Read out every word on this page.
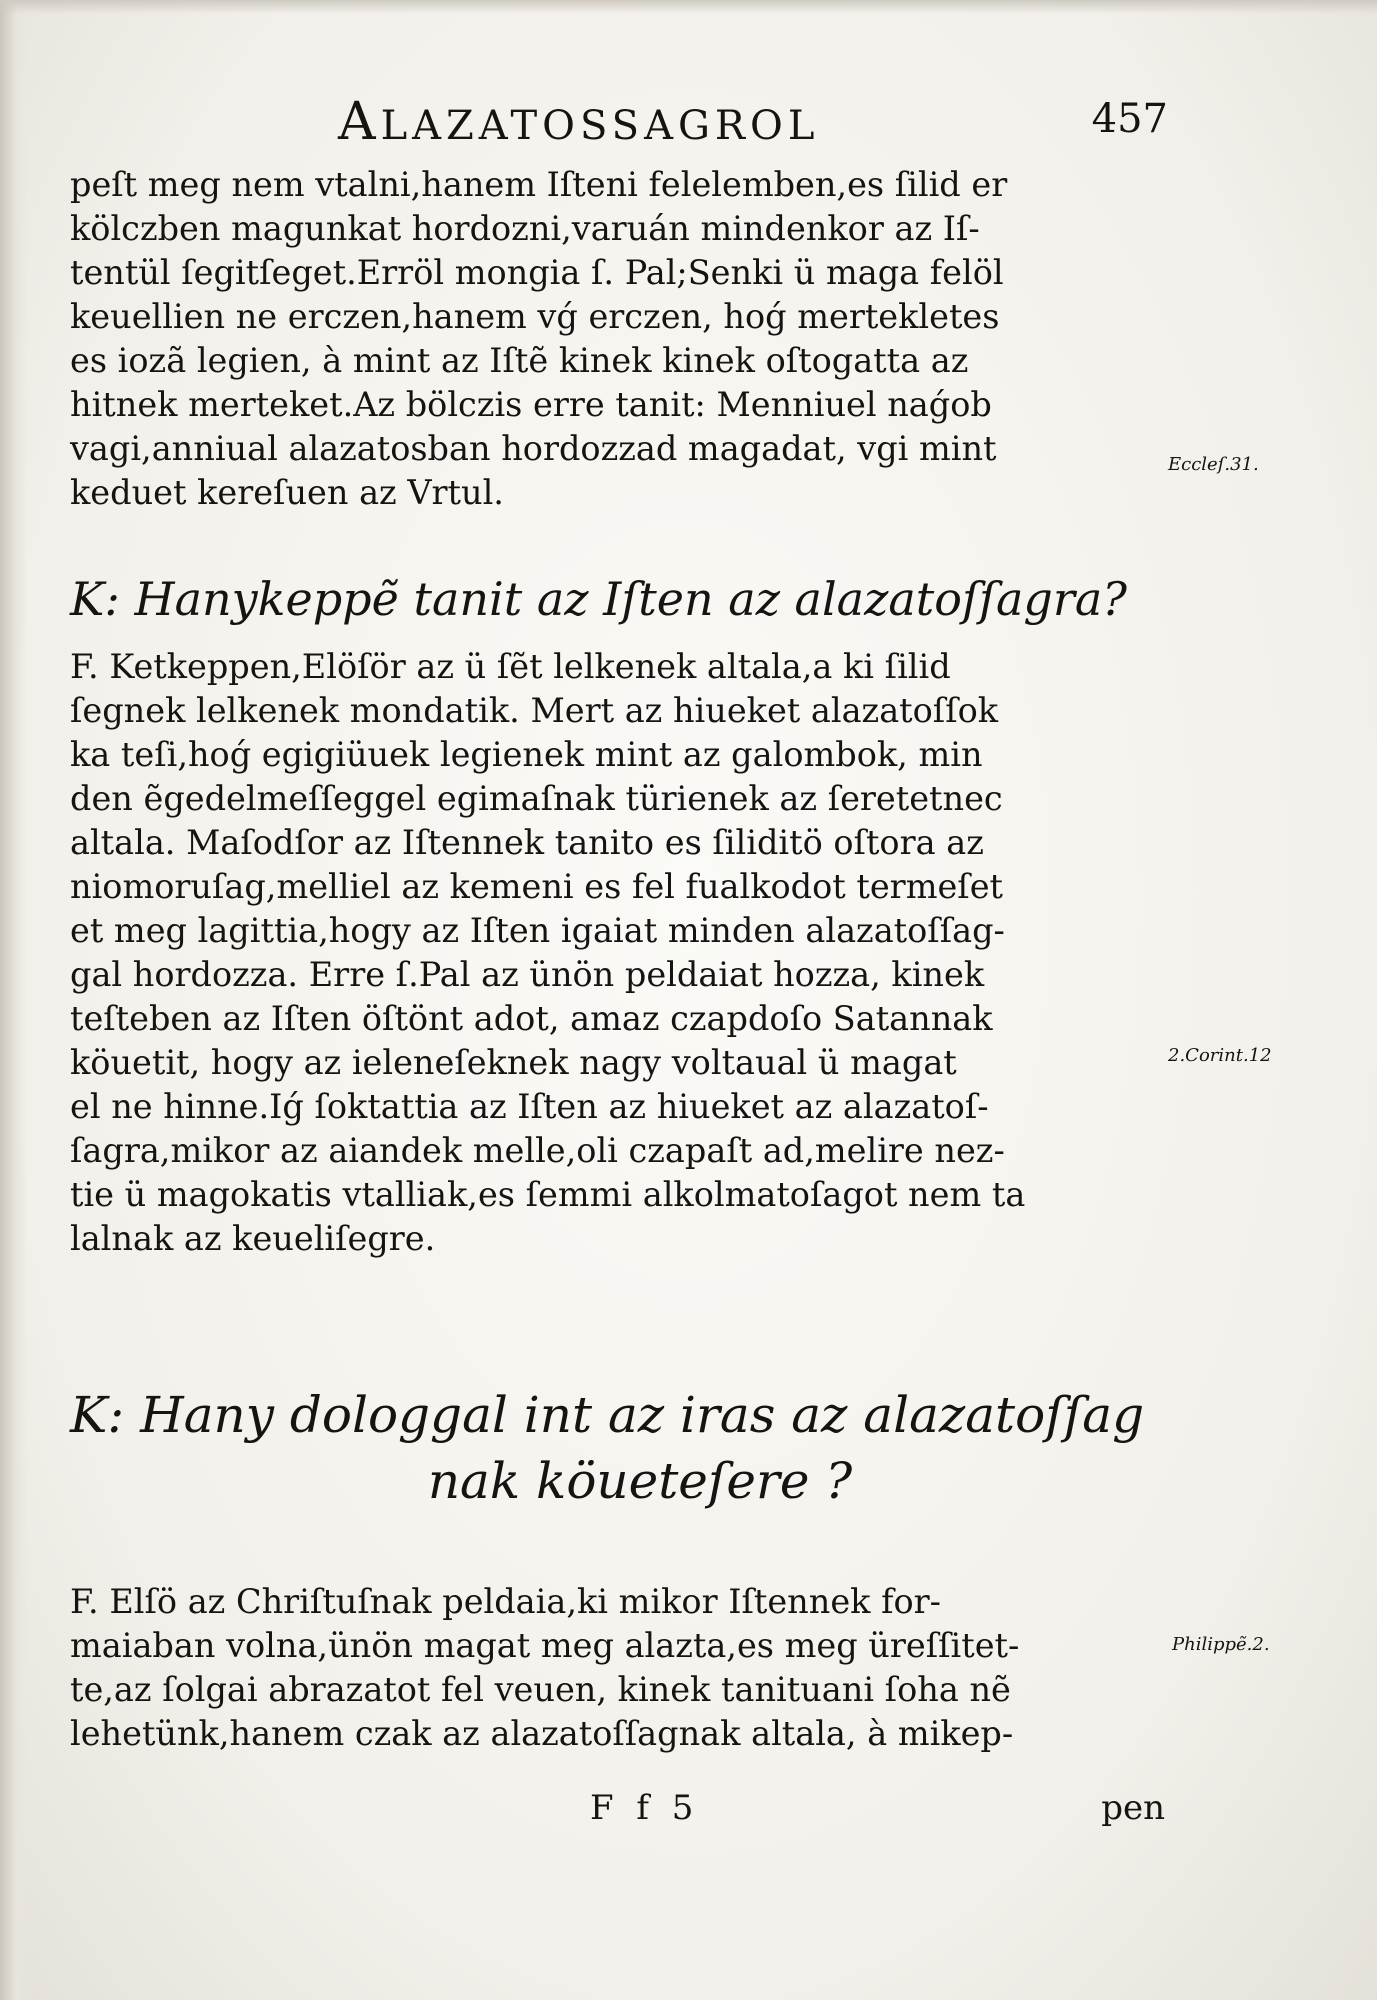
ALAZATOSSAGROL	457
peſt meg nem vtalni,hanem Iſteni felelemben,es ſilid er
kölczben magunkat hordozni,varuán mindenkor az Iſ-
tentül ſegitſeget.Erröl mongia ſ. Pal;Senki ü maga felöl
keuellien ne erczen,hanem vǵ erczen, hoǵ mertekletes
es iozã legien, à mint az Iſtẽ kinek kinek oſtogatta az
hitnek merteket.Az bölczis erre tanit: Menniuel naǵob
vagi,anniual alazatosban hordozzad magadat, vgi mint
keduet kereſuen az Vrtul.
Eccleſ.31.
K: Hanykeppẽ tanit az Iſten az alazatoſſagra?
F. Ketkeppen,Elöſör az ü ſẽt lelkenek altala,a ki ſilid
ſegnek lelkenek mondatik. Mert az hiueket alazatoſſok
ka teſi,hoǵ egigiüuek legienek mint az galombok, min
den ẽgedelmeſſeggel egimaſnak türienek az ſeretetnec
altala. Maſodſor az Iſtennek tanito es ſiliditö oſtora az
niomoruſag,melliel az kemeni es fel fualkodot termeſet
et meg lagittia,hogy az Iſten igaiat minden alazatoſſag-
gal hordozza. Erre ſ.Pal az ünön peldaiat hozza, kinek
teſteben az Iſten öſtönt adot, amaz czapdoſo Satannak
köuetit, hogy az ieleneſeknek nagy voltaual ü magat
el ne hinne.Iǵ ſoktattia az Iſten az hiueket az alazatoſ-
ſagra,mikor az aiandek melle,oli czapaſt ad,melire nez-
tie ü magokatis vtalliak,es ſemmi alkolmatoſagot nem ta
lalnak az keueliſegre.
2.Corint.12
K: Hany dologgal int az iras az alazatoſſag
nak köueteſere ?
F. Elſö az Chriſtuſnak peldaia,ki mikor Iſtennek for-
maiaban volna,ünön magat meg alazta,es meg üreſſitet-
te,az ſolgai abrazatot fel veuen, kinek tanituani ſoha nẽ
lehetünk,hanem czak az alazatoſſagnak altala, à mikep-
Philippẽ.2.
F f 5	pen
